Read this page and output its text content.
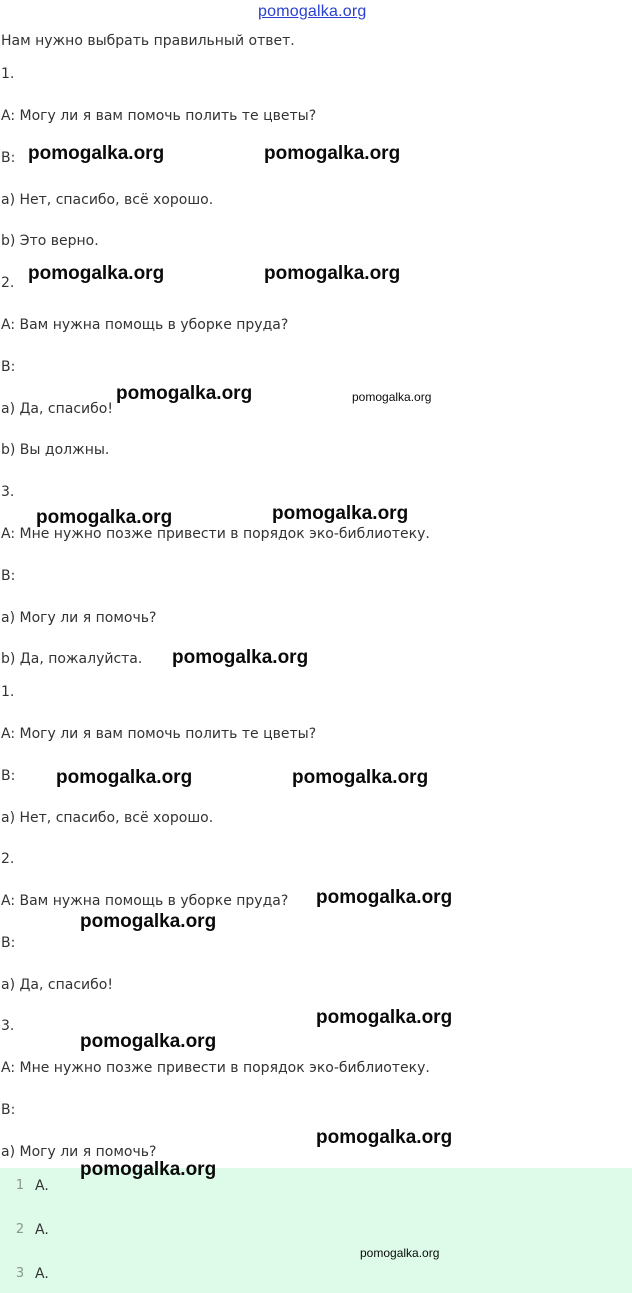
pomogalka.org

Нам нужно выбрать правильный ответ.

1.

A: Могу ли я вам помочь полить те цветы?

B:

a) Нет, спасибо, всё хорошо.

b) Это верно.

2.

A: Вам нужна помощь в уборке пруда?

B:

a) Да, спасибо!

b) Вы должны.

3.

A: Мне нужно позже привести в порядок эко-библиотеку.

B:

a) Могу ли я помочь?

b) Да, пожалуйста.

1.

A: Могу ли я вам помочь полить те цветы?

B:

a) Нет, спасибо, всё хорошо.

2.

A: Вам нужна помощь в уборке пруда?

B:

a) Да, спасибо!

3.

A: Мне нужно позже привести в порядок эко-библиотеку.

B:

a) Могу ли я помочь?

1 A.
2 A.
3 A.
pomogalka.org	pomogalka.org
pomogalka.org	pomogalka.org
pomogalka.org	pomogalka.org
pomogalka.org	pomogalka.org
pomogalka.org
pomogalka.org	pomogalka.org
pomogalka.org
pomogalka.org
pomogalka.org
pomogalka.org
pomogalka.org
pomogalka.org
pomogalka.org
